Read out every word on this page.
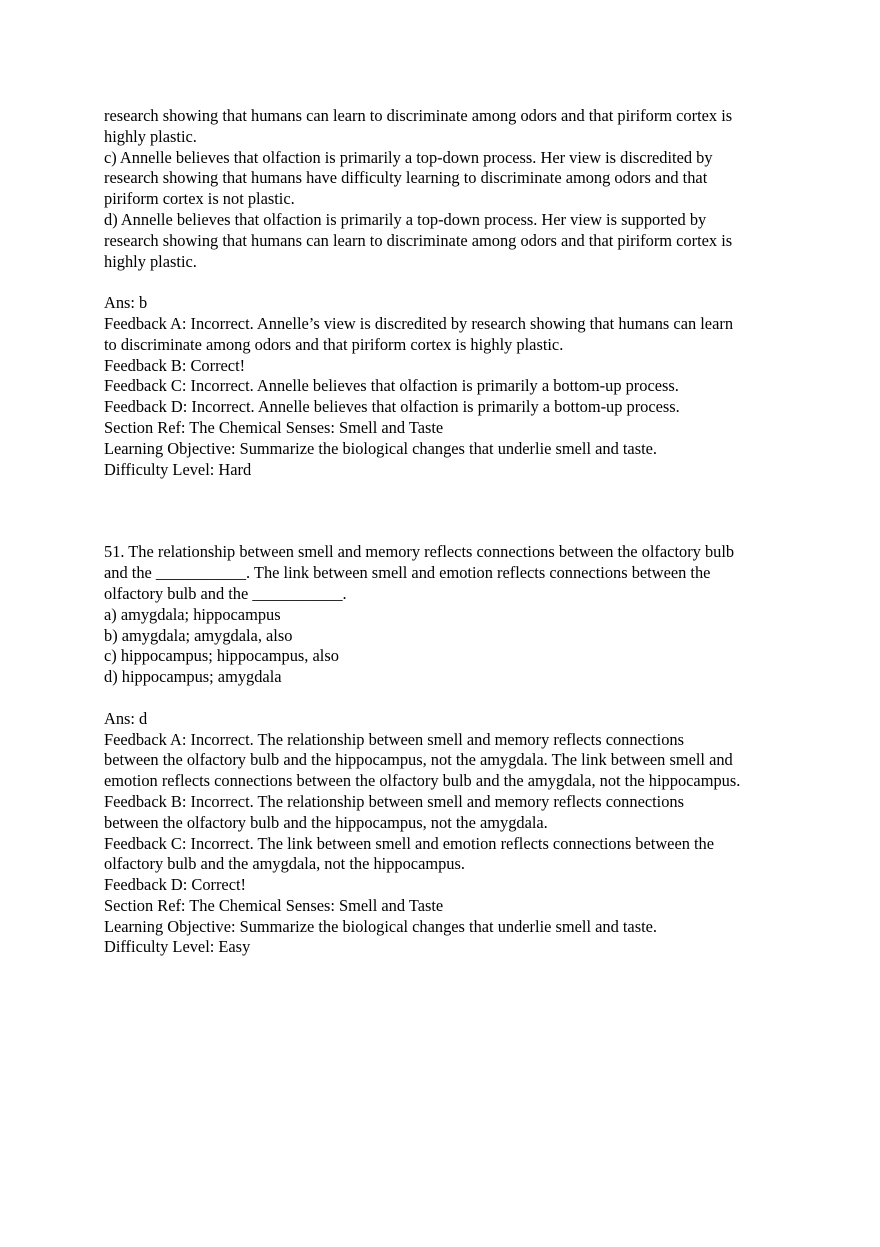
research showing that humans can learn to discriminate among odors and that piriform cortex is
highly plastic.
c) Annelle believes that olfaction is primarily a top-down process. Her view is discredited by
research showing that humans have difficulty learning to discriminate among odors and that
piriform cortex is not plastic.
d) Annelle believes that olfaction is primarily a top-down process. Her view is supported by
research showing that humans can learn to discriminate among odors and that piriform cortex is
highly plastic.
Ans: b
Feedback A: Incorrect. Annelle’s view is discredited by research showing that humans can learn
to discriminate among odors and that piriform cortex is highly plastic.
Feedback B: Correct!
Feedback C: Incorrect. Annelle believes that olfaction is primarily a bottom-up process.
Feedback D: Incorrect. Annelle believes that olfaction is primarily a bottom-up process.
Section Ref: The Chemical Senses: Smell and Taste
Learning Objective: Summarize the biological changes that underlie smell and taste.
Difficulty Level: Hard
51. The relationship between smell and memory reflects connections between the olfactory bulb
and the ___________. The link between smell and emotion reflects connections between the
olfactory bulb and the ___________.
a) amygdala; hippocampus
b) amygdala; amygdala, also
c) hippocampus; hippocampus, also
d) hippocampus; amygdala
Ans: d
Feedback A: Incorrect. The relationship between smell and memory reflects connections
between the olfactory bulb and the hippocampus, not the amygdala. The link between smell and
emotion reflects connections between the olfactory bulb and the amygdala, not the hippocampus.
Feedback B: Incorrect. The relationship between smell and memory reflects connections
between the olfactory bulb and the hippocampus, not the amygdala.
Feedback C: Incorrect. The link between smell and emotion reflects connections between the
olfactory bulb and the amygdala, not the hippocampus.
Feedback D: Correct!
Section Ref: The Chemical Senses: Smell and Taste
Learning Objective: Summarize the biological changes that underlie smell and taste.
Difficulty Level: Easy
